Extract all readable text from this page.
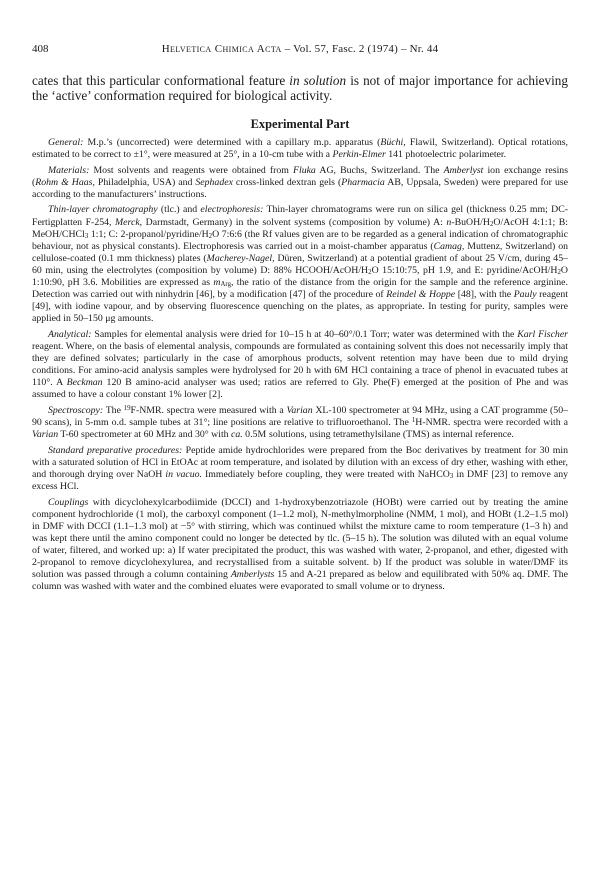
408	Helvetica Chimica Acta – Vol. 57, Fasc. 2 (1974) – Nr. 44

cates that this particular conformational feature in solution is not of major importance for achieving the ‘active’ conformation required for biological activity.

Experimental Part

General: M.p.’s (uncorrected) were determined with a capillary m.p. apparatus (Büchi, Flawil, Switzerland). Optical rotations, estimated to be correct to ±1°, were measured at 25°, in a 10-cm tube with a Perkin-Elmer 141 photoelectric polarimeter.

Materials: Most solvents and reagents were obtained from Fluka AG, Buchs, Switzerland. The Amberlyst ion exchange resins (Rohm & Haas, Philadelphia, USA) and Sephadex cross-linked dextran gels (Pharmacia AB, Uppsala, Sweden) were prepared for use according to the manufacturers’ instructions.

Thin-layer chromatography (tlc.) and electrophoresis: Thin-layer chromatograms were run on silica gel (thickness 0.25 mm; DC-Fertigplatten F-254, Merck, Darmstadt, Germany) in the solvent systems (composition by volume) A: $n-BuOH/H_2O$/AcOH 4:1:1; B: MeOH/CHCl$_3$ 1:1; C: $2-propanol/pyridine/H_2O$ 7:6:6 (the Rf values given are to be regarded as a general indication of chromatographic behaviour, not as physical constants). Electrophoresis was carried out in a moist-chamber apparatus (Camag, Muttenz, Switzerland) on cellulose-coated (0.1 mm thickness) plates (Macherey-Nagel, Düren, Switzerland) at a potential gradient of about 25 V/cm, during 45–60 min, using the electrolytes (composition by volume) D: 88% HCOOH/$AcOH/H_2O$ 15:10:75, pH 1.9, and E: pyridine/$AcOH/H_2O$ 1:10:90, pH 3.6. Mobilities are expressed as $m_{Arg}$, the ratio of the distance from the origin for the sample and the reference arginine. Detection was carried out with ninhydrin [46], by a modification [47] of the procedure of Reindel & Hoppe [48], with the Pauly reagent [49], with iodine vapour, and by observing fluorescence quenching on the plates, as appropriate. In testing for purity, samples were applied in 50–150 μg amounts.

Analytical: Samples for elemental analysis were dried for 10–15 h at 40–60°/0.1 Torr; water was determined with the Karl Fischer reagent. Where, on the basis of elemental analysis, compounds are formulated as containing solvent this does not necessarily imply that they are defined solvates; particularly in the case of amorphous products, solvent retention may have been due to mild drying conditions. For amino-acid analysis samples were hydrolysed for 20 h with 6M HCl containing a trace of phenol in evacuated tubes at 110°. A Beckman 120 B amino-acid analyser was used; ratios are referred to Gly. Phe(F) emerged at the position of Phe and was assumed to have a colour constant 1% lower [2].

Spectroscopy: The $^{19}$F-NMR. spectra were measured with a Varian XL-100 spectrometer at 94 MHz, using a CAT programme (50–90 scans), in 5-mm o.d. sample tubes at 31°; line positions are relative to trifluoroethanol. The $^1$H-NMR. spectra were recorded with a Varian T-60 spectrometer at 60 MHz and 30° with ca. 0.5M solutions, using tetramethylsilane (TMS) as internal reference.

Standard preparative procedures: Peptide amide hydrochlorides were prepared from the Boc derivatives by treatment for 30 min with a saturated solution of HCl in EtOAc at room temperature, and isolated by dilution with an excess of dry ether, washing with ether, and thorough drying over NaOH in vacuo. Immediately before coupling, they were treated with NaHCO$_3$ in DMF [23] to remove any excess HCl.

Couplings with dicyclohexylcarbodiimide (DCCI) and 1-hydroxybenzotriazole (HOBt) were carried out by treating the amine component hydrochloride (1 mol), the carboxyl component (1–1.2 mol), N-methylmorpholine (NMM, 1 mol), and HOBt (1.2–1.5 mol) in DMF with DCCI (1.1–1.3 mol) at −5° with stirring, which was continued whilst the mixture came to room temperature (1–3 h) and was kept there until the amino component could no longer be detected by tlc. (5–15 h). The solution was diluted with an equal volume of water, filtered, and worked up: a) If water precipitated the product, this was washed with water, 2-propanol, and ether, digested with 2-propanol to remove dicyclohexylurea, and recrystallised from a suitable solvent. b) If the product was soluble in water/DMF its solution was passed through a column containing Amberlysts 15 and A-21 prepared as below and equilibrated with 50% aq. DMF. The column was washed with water and the combined eluates were evaporated to small volume or to dryness.
